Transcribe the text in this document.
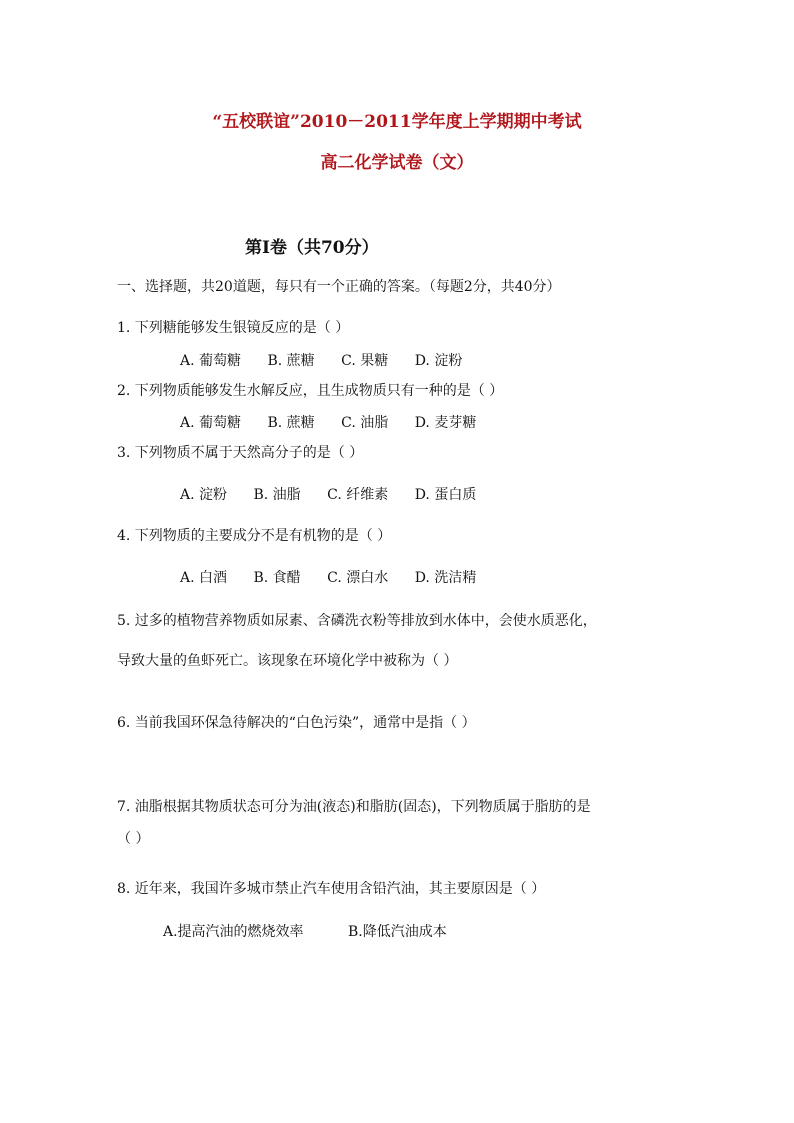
“五校联谊”2010－2011学年度上学期期中考试
高二化学试卷（文）
第Ⅰ卷（共70分）
一、选择题，共20道题，每只有一个正确的答案。（每题2分，共40分）
1. 下列糖能够发生银镜反应的是（ ）
A. 葡萄糖 B. 蔗糖 C. 果糖 D. 淀粉
2. 下列物质能够发生水解反应，且生成物质只有一种的是（ ）
A. 葡萄糖 B. 蔗糖 C. 油脂 D. 麦芽糖
3. 下列物质不属于天然高分子的是（ ）
A. 淀粉 B. 油脂 C. 纤维素 D. 蛋白质
4. 下列物质的主要成分不是有机物的是（ ）
A. 白酒 B. 食醋 C. 漂白水 D. 洗洁精
5. 过多的植物营养物质如尿素、含磷洗衣粉等排放到水体中，会使水质恶化，
导致大量的鱼虾死亡。该现象在环境化学中被称为（ ）
6. 当前我国环保急待解决的“白色污染”，通常中是指（ ）
7. 油脂根据其物质状态可分为油(液态)和脂肪(固态)，下列物质属于脂肪的是
（ ）
8. 近年来，我国许多城市禁止汽车使用含铅汽油，其主要原因是（ ）
A.提高汽油的燃烧效率	B.降低汽油成本
